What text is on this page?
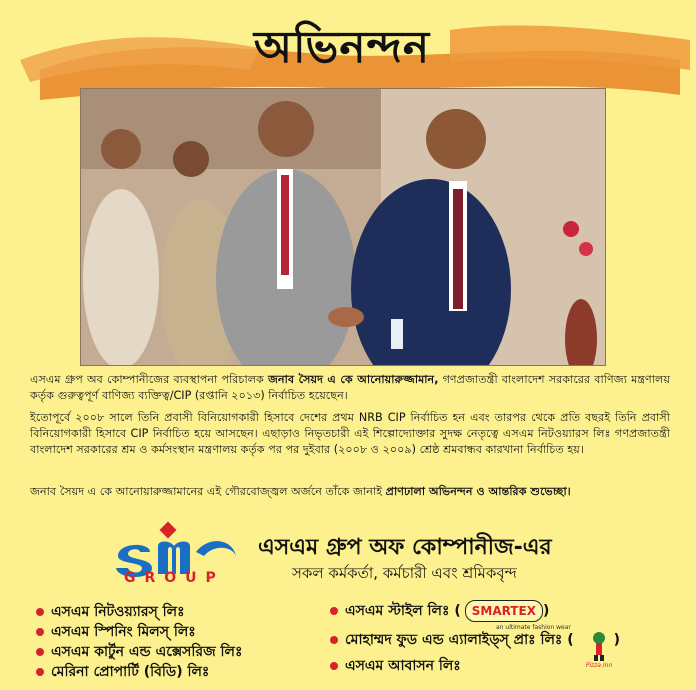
অভিনন্দন
এসএম গ্রুপ অব কোম্পানীজের ব্যবস্থাপনা পরিচালক জনাব সৈয়দ এ কে আনোয়ারুজ্জামান, গণপ্রজাতন্ত্রী বাংলাদেশ সরকারের বাণিজ্য মন্ত্রণালয় কর্তৃক গুরুত্বপূর্ণ বাণিজ্য ব্যক্তিত্ব/CIP (রপ্তানি ২০১৩) নির্বাচিত হয়েছেন।
ইতোপূর্বে ২০০৮ সালে তিনি প্রবাসী বিনিয়োগকারী হিসাবে দেশের প্রথম NRB CIP নির্বাচিত হন এবং তারপর থেকে প্রতি বছরই তিনি প্রবাসী বিনিয়োগকারী হিসাবে CIP নির্বাচিত হয়ে আসছেন। এছাড়াও নিভৃতচারী এই শিল্পোদ্যোক্তার সুদক্ষ নেতৃত্বে এসএম নিটওয়্যারস লিঃ গণপ্রজাতন্ত্রী বাংলাদেশ সরকারের শ্রম ও কর্মসংস্থান মন্ত্রণালয় কর্তৃক পর পর দুইবার (২০০৮ ও ২০০৯) শ্রেষ্ঠ শ্রমবান্ধব কারখানা নির্বাচিত হয়।
জনাব সৈয়দ এ কে আনোয়ারুজ্জামানের এই গৌরবোজ্জ্বল অর্জনে তাঁকে জানাই প্রাণঢালা অভিনন্দন ও আন্তরিক শুভেচ্ছা।
GROUP
এসএম গ্রুপ অফ কোম্পানীজ-এর
সকল কর্মকর্তা, কর্মচারী এবং শ্রমিকবৃন্দ
এসএম নিটওয়্যারস্ লিঃ
এসএম স্পিনিং মিলস্ লিঃ
এসএম কার্টুন এন্ড এক্সেসরিজ লিঃ
মেরিনা প্রোপার্টি (বিডি) লিঃ
এসএম স্টাইল লিঃ ( SMARTEX )
মোহাম্মদ ফুড এন্ড এ্যালাইড্স্ প্রাঃ লিঃ (	)
এসএম আবাসন লিঃ
an ultimate fashion wear
Pizza Inn
